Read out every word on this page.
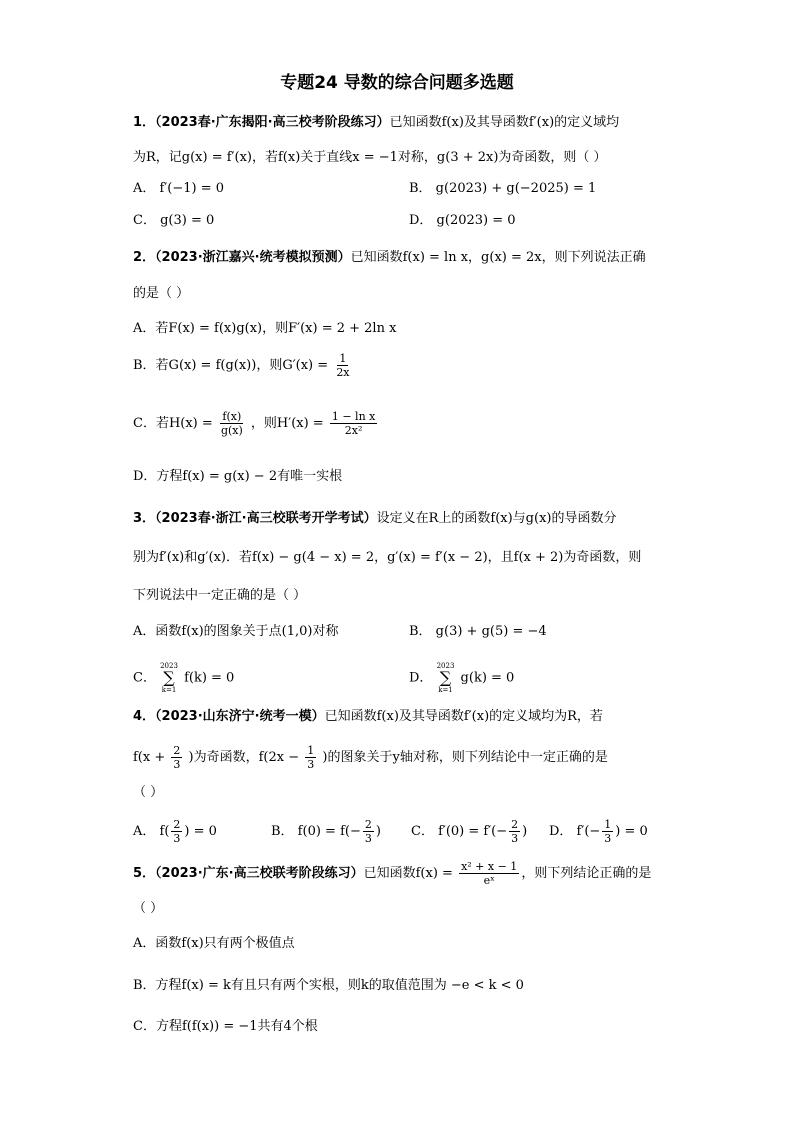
专题24 导数的综合问题多选题
1．（2023春·广东揭阳·高三校考阶段练习）已知函数f(x)及其导函数f′(x)的定义域均
为R，记g(x) = f′(x)，若f(x)关于直线x = −1对称，g(3 + 2x)为奇函数，则（ ）
A． f′(−1) = 0	B． g(2023) + g(−2025) = 1
C． g(3) = 0	D． g(2023) = 0
2．（2023·浙江嘉兴·统考模拟预测）已知函数f(x) = ln x，g(x) = 2x，则下列说法正确
的是（ ）
A．若F(x) = f(x)g(x)，则F′(x) = 2 + 2ln x
B．若G(x) = f(g(x))，则$G'(x) = \frac{1}{2x}$
C．若$H(x) = \frac{f(x)}{g(x)}$ ，则$H'(x) = \frac{\text{1 − ln x}}{\text{2x²}}$
D．方程f(x) = g(x) − 2有唯一实根
3．（2023春·浙江·高三校联考开学考试）设定义在R上的函数f(x)与g(x)的导函数分
别为f′(x)和g′(x)．若f(x) − g(4 − x) = 2，g′(x) = f′(x − 2)，且f(x + 2)为奇函数，则
下列说法中一定正确的是（ ）
A．函数f(x)的图象关于点(1,0)对称	B． g(3) + g(5) = −4
C．
2023
∑
k=1
f(k) = 0	D．
2023
∑
k=1
g(k) = 0
4．（2023·山东济宁·统考一模）已知函数f(x)及其导函数f′(x)的定义域均为R，若
$f(x + \frac{2}{3}$ )为奇函数，$f(2x - \frac{1}{3}$ )的图象关于y轴对称，则下列结论中一定正确的是
（ ）
A． $f( \frac{2}{3}$ ) = 0	B． $f(0) = f(- \frac{2}{3}$ ) C． $f'(0) = f'(- \frac{2}{3}$ ) D． $f'(- \frac{1}{3}$ ) = 0
5．（2023·广东·高三校联考阶段练习）已知函数$f(x) = \frac{\text{x² + x − 1}}{\text{eˣ}}$ ，则下列结论正确的是
（ ）
A．函数f(x)只有两个极值点
B．方程f(x) = k有且只有两个实根，则k的取值范围为 −e < k < 0
C．方程f(f(x)) = −1共有4个根
